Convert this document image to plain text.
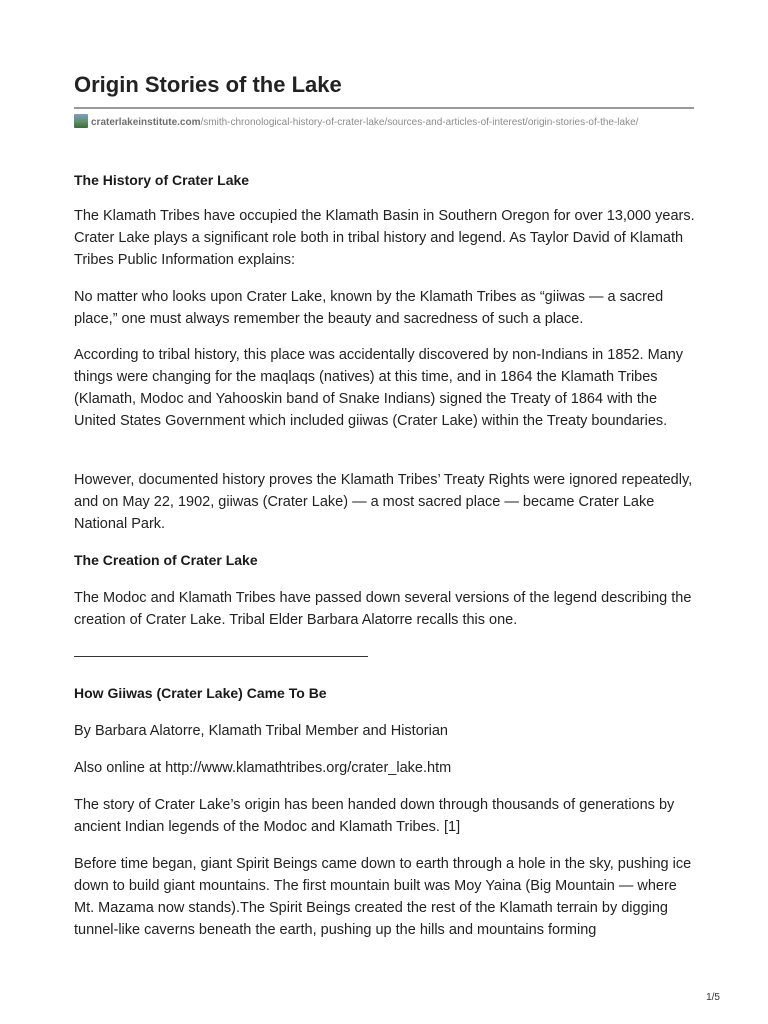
Origin Stories of the Lake
craterlakeinstitute.com/smith-chronological-history-of-crater-lake/sources-and-articles-of-interest/origin-stories-of-the-lake/
The History of Crater Lake

The Klamath Tribes have occupied the Klamath Basin in Southern Oregon for over 13,000 years. Crater Lake plays a significant role both in tribal history and legend. As Taylor David of Klamath Tribes Public Information explains:

No matter who looks upon Crater Lake, known by the Klamath Tribes as “giiwas — a sacred place,” one must always remember the beauty and sacredness of such a place.

According to tribal history, this place was accidentally discovered by non-Indians in 1852. Many things were changing for the maqlaqs (natives) at this time, and in 1864 the Klamath Tribes (Klamath, Modoc and Yahooskin band of Snake Indians) signed the Treaty of 1864 with the United States Government which included giiwas (Crater Lake) within the Treaty boundaries.

However, documented history proves the Klamath Tribes’ Treaty Rights were ignored repeatedly, and on May 22, 1902, giiwas (Crater Lake) — a most sacred place — became Crater Lake National Park.

The Creation of Crater Lake

The Modoc and Klamath Tribes have passed down several versions of the legend describing the creation of Crater Lake. Tribal Elder Barbara Alatorre recalls this one.

How Giiwas (Crater Lake) Came To Be

By Barbara Alatorre, Klamath Tribal Member and Historian

Also online at http://www.klamathtribes.org/crater_lake.htm

The story of Crater Lake’s origin has been handed down through thousands of generations by ancient Indian legends of the Modoc and Klamath Tribes. [1]

Before time began, giant Spirit Beings came down to earth through a hole in the sky, pushing ice down to build giant mountains. The first mountain built was Moy Yaina (Big Mountain — where Mt. Mazama now stands).The Spirit Beings created the rest of the Klamath terrain by digging tunnel-like caverns beneath the earth, pushing up the hills and mountains forming

1/5
